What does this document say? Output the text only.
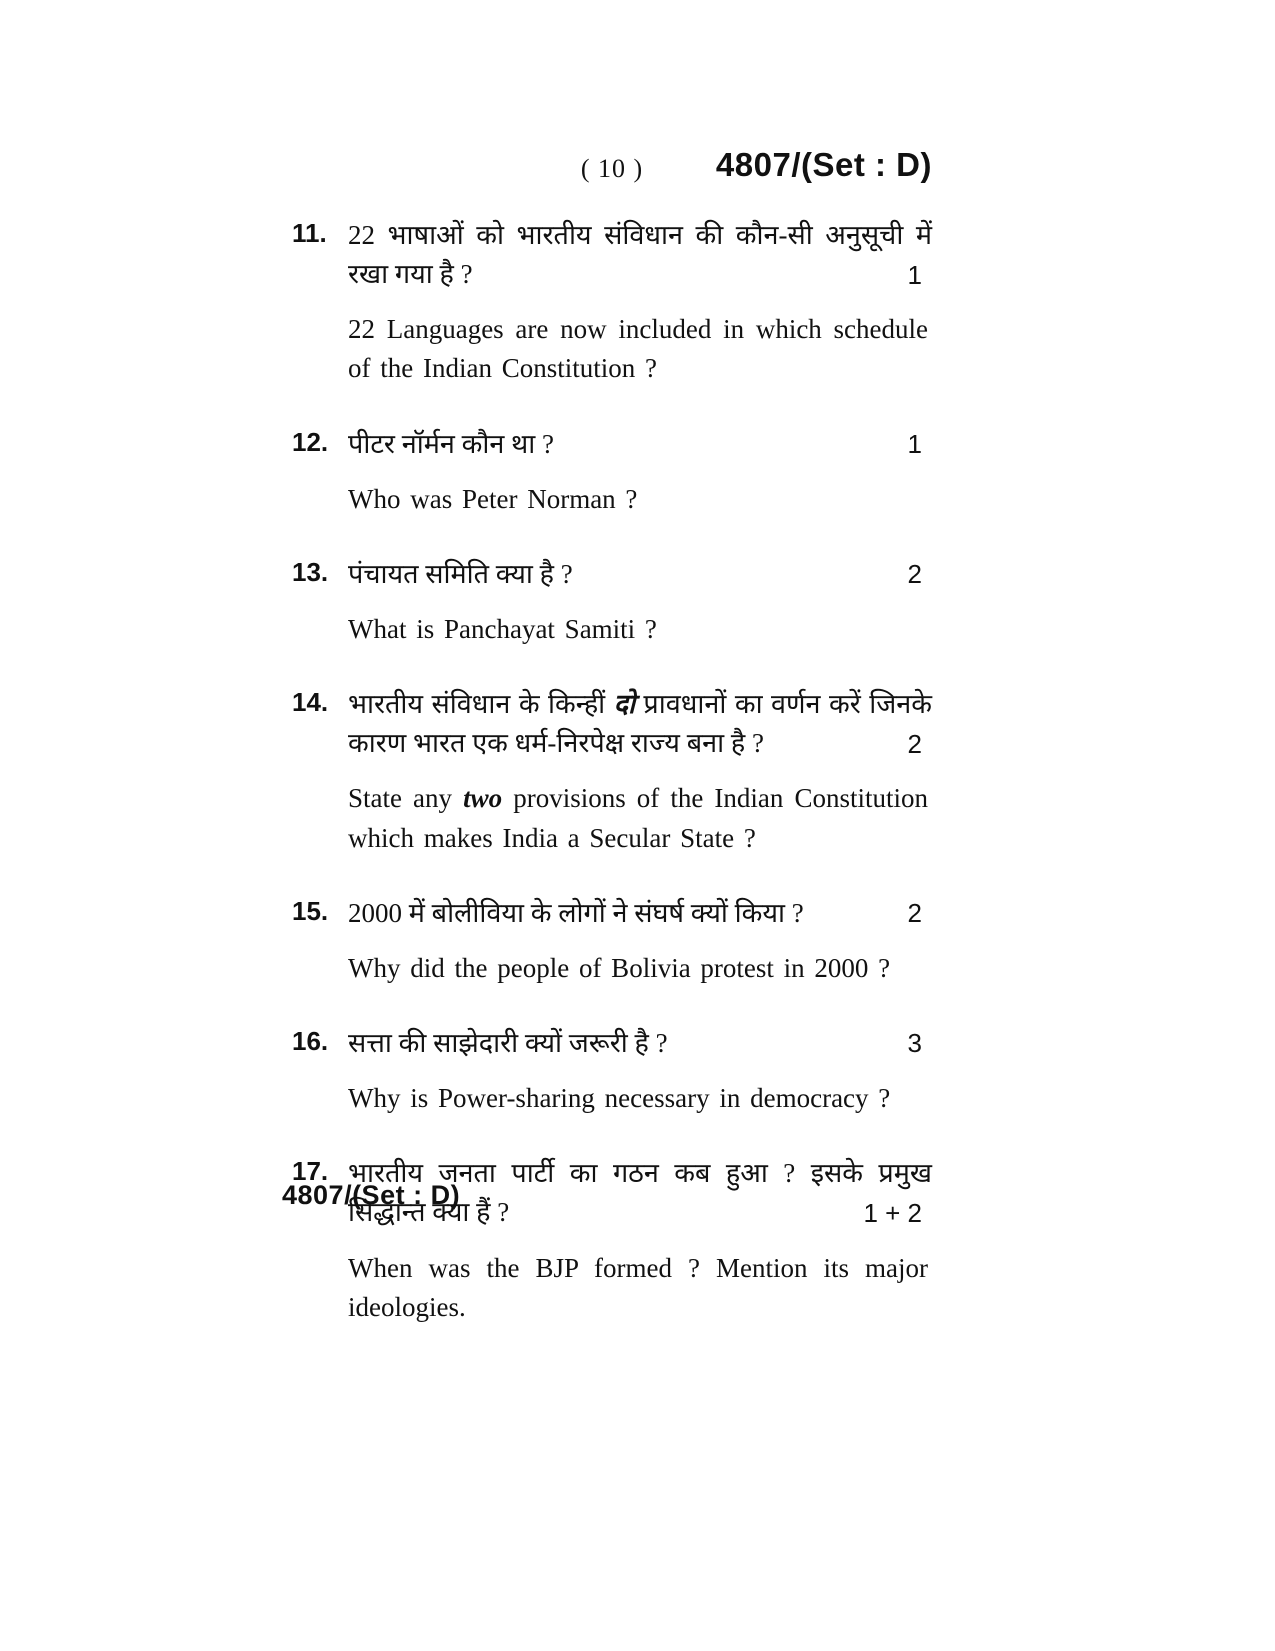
( 10 )	4807/(Set : D)
11. 22 भाषाओं को भारतीय संविधान की कौन-सी अनुसूची में रखा गया है ?	1
22 Languages are now included in which schedule of the Indian Constitution ?
12. पीटर नॉर्मन कौन था ?	1
Who was Peter Norman ?
13. पंचायत समिति क्या है ?	2
What is Panchayat Samiti ?
14. भारतीय संविधान के किन्हीं दो प्रावधानों का वर्णन करें जिनके कारण भारत एक धर्म-निरपेक्ष राज्य बना है ?	2
State any two provisions of the Indian Constitution which makes India a Secular State ?
15. 2000 में बोलीविया के लोगों ने संघर्ष क्यों किया ?	2
Why did the people of Bolivia protest in 2000 ?
16. सत्ता की साझेदारी क्यों जरूरी है ?	3
Why is Power-sharing necessary in democracy ?
17. भारतीय जनता पार्टी का गठन कब हुआ ? इसके प्रमुख सिद्धान्त क्या हैं ?	1 + 2
When was the BJP formed ? Mention its major ideologies.
4807/(Set : D)
